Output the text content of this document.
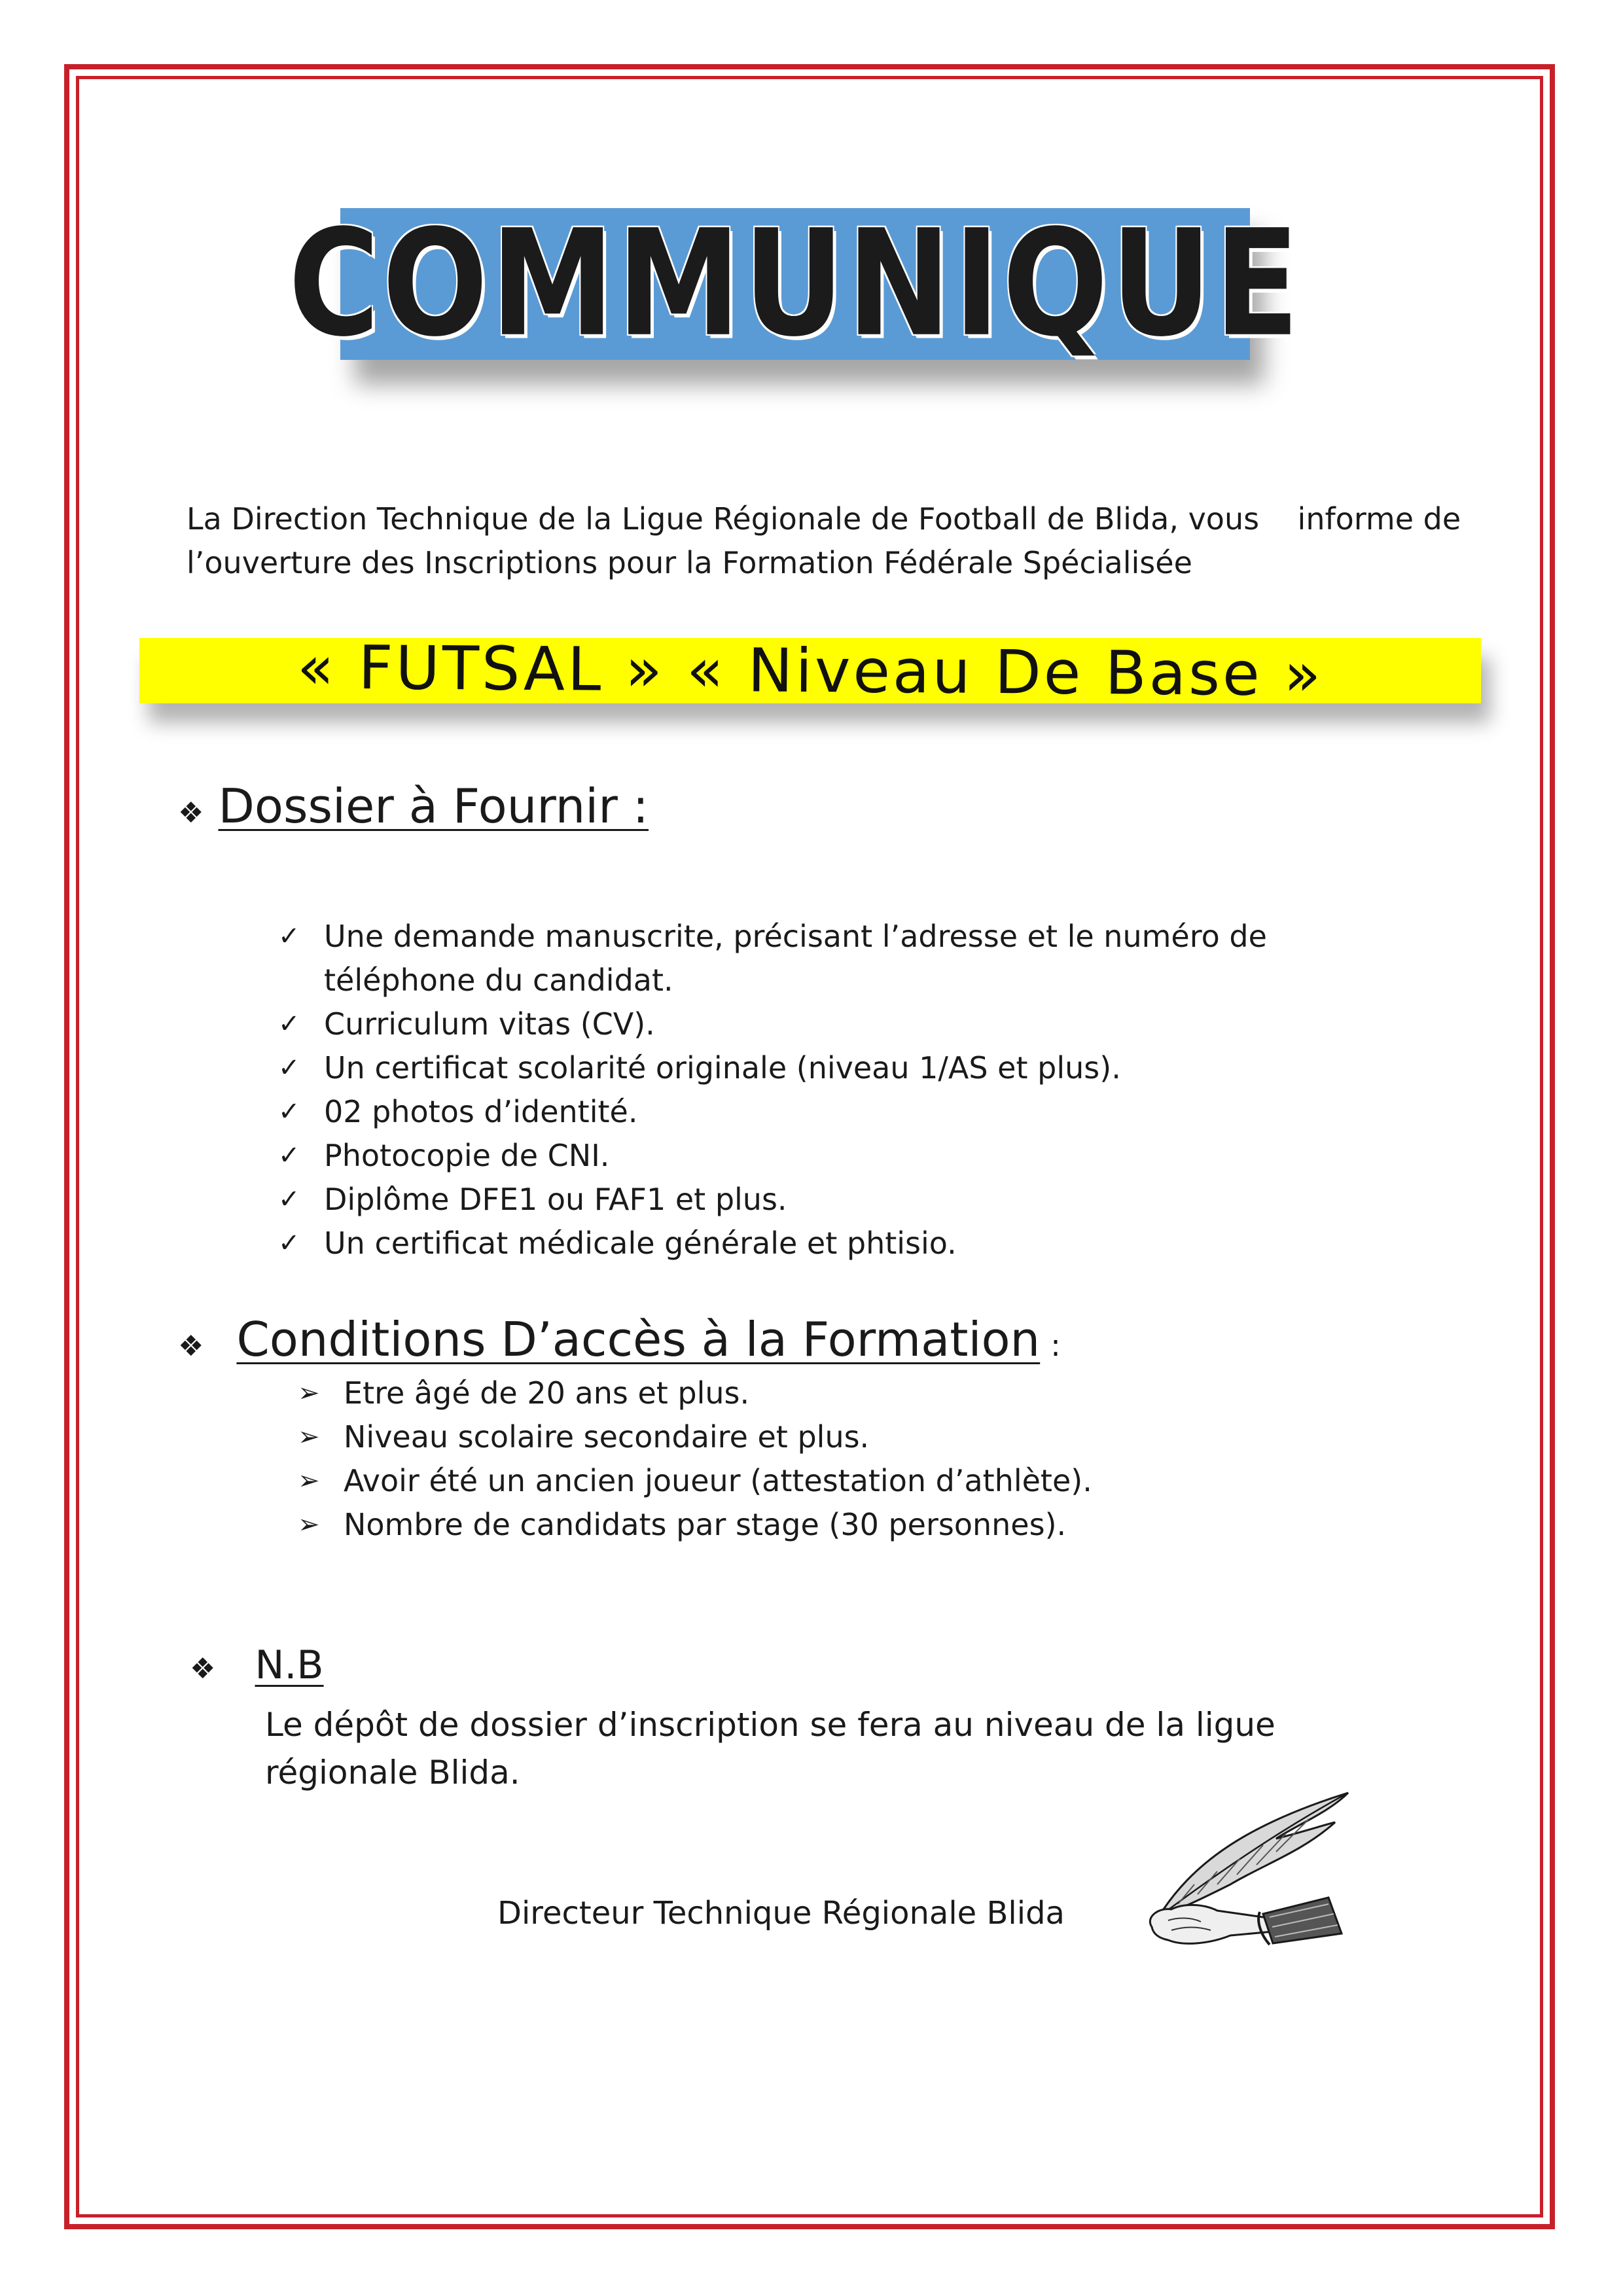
COMMUNIQUE

La Direction Technique de la Ligue Régionale de Football de Blida, vous    informe de

l’ouverture des Inscriptions pour la Formation Fédérale Spécialisée

« FUTSAL » « Niveau De Base »
❖ Dossier à Fournir :
✓ Une demande manuscrite, précisant l’adresse et le numéro de téléphone du candidat.
✓ Curriculum vitas (CV).
✓ Un certificat scolarité originale (niveau 1/AS et plus).
✓ 02 photos d’identité.
✓ Photocopie de CNI.
✓ Diplôme DFE1 ou FAF1 et plus.
✓ Un certificat médicale générale et phtisio.
❖ Conditions D’accès à la Formation :
➢ Etre âgé de 20 ans et plus.
➢ Niveau scolaire secondaire et plus.
➢ Avoir été un ancien joueur (attestation d’athlète).
➢ Nombre de candidats par stage (30 personnes).
❖ N.B
Le dépôt de dossier d’inscription se fera au niveau de la ligue régionale Blida.
Directeur Technique Régionale Blida
